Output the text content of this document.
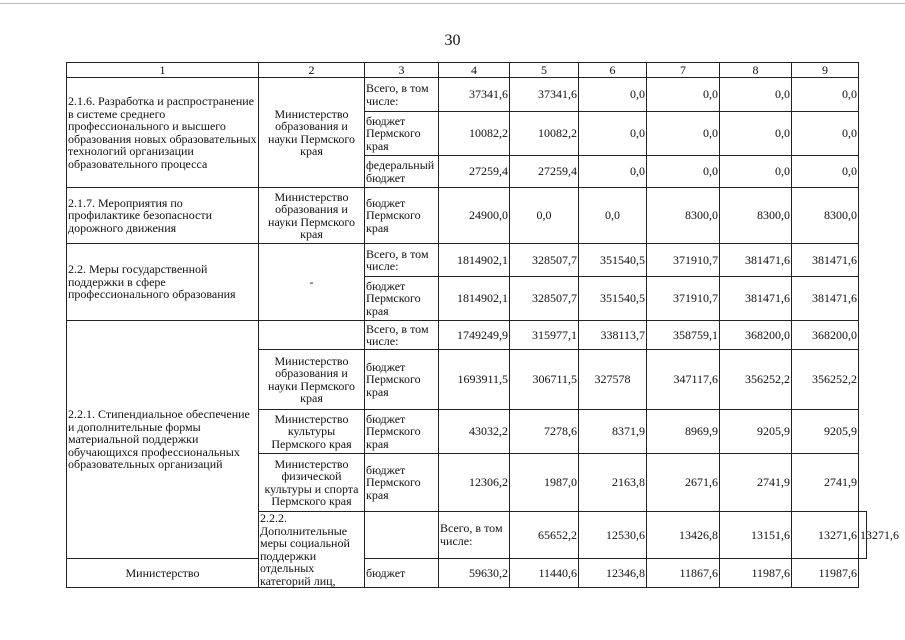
30
1	2	3	4	5	6	7	8	9	
2.1.6. Разработка и распространение в системе среднего профессионального и высшего образования новых образовательных технологий организации образовательного процесса	Министерство образования и науки Пермского края	Всего, в том числе:	37341,6	37341,6	0,0	0,0	0,0	0,0	
		бюджет Пермского края	10082,2	10082,2	0,0	0,0	0,0	0,0	
		федеральный бюджет	27259,4	27259,4	0,0	0,0	0,0	0,0	
2.1.7. Мероприятия по профилактике безопасности дорожного движения	Министерство образования и науки Пермского края	бюджет Пермского края	24900,0	0,0	0,0	8300,0	8300,0	8300,0	
2.2. Меры государственной поддержки в сфере профессионального образования	-	Всего, в том числе:	1814902,1	328507,7	351540,5	371910,7	381471,6	381471,6	
		бюджет Пермского края	1814902,1	328507,7	351540,5	371910,7	381471,6	381471,6	
2.2.1. Стипендиальное обеспечение и дополнительные формы материальной поддержки обучающихся профессиональных образовательных организаций		Всего, в том числе:	1749249,9	315977,1	338113,7	358759,1	368200,0	368200,0	
	Министерство образования и науки Пермского края	бюджет Пермского края	1693911,5	306711,5	327578	347117,6	356252,2	356252,2	
	Министерство культуры Пермского края	бюджет Пермского края	43032,2	7278,6	8371,9	8969,9	9205,9	9205,9	
	Министерство физической культуры и спорта Пермского края	бюджет Пермского края	12306,2	1987,0	2163,8	2671,6	2741,9	2741,9	
	2.2.2. Дополнительные меры социальной поддержки отдельных категорий лиц,		Всего, в том числе:	65652,2	12530,6	13426,8	13151,6	13271,6	13271,6
Министерство		бюджет	59630,2	11440,6	12346,8	11867,6	11987,6	11987,6	
